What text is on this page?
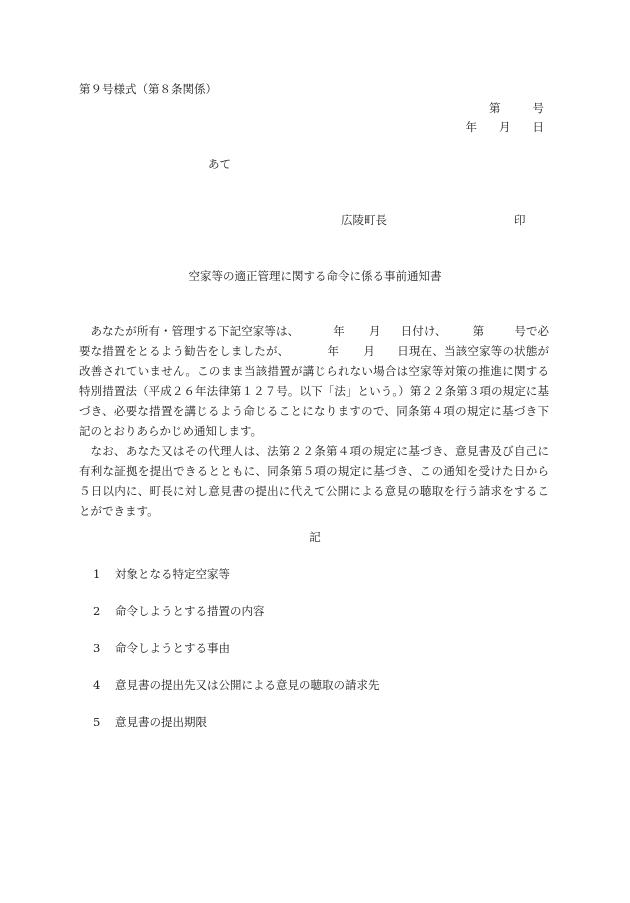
第９号様式（第８条関係）
第	号
年 月 日
あて
広陵町長	印
空家等の適正管理に関する命令に係る事前通知書

あなたが所有・管理する下記空家等は、	年 月 日付け、 第	号で必要な措置をとるよう勧告をしましたが、	年 月 日現在、当該空家等の状態が改善されていません。このまま当該措置が講じられない場合は空家等対策の推進に関する特別措置法（平成２６年法律第１２７号。以下「法」という。）第２２条第３項の規定に基づき、必要な措置を講じるよう命じることになりますので、同条第４項の規定に基づき下記のとおりあらかじめ通知します。

なお、あなた又はその代理人は、法第２２条第４項の規定に基づき、意見書及び自己に有利な証拠を提出できるとともに、同条第５項の規定に基づき、この通知を受けた日から５日以内に、町長に対し意見書の提出に代えて公開による意見の聴取を行う請求をすることができます。

記
1 対象となる特定空家等
2 命令しようとする措置の内容
3 命令しようとする事由
4 意見書の提出先又は公開による意見の聴取の請求先
5 意見書の提出期限
